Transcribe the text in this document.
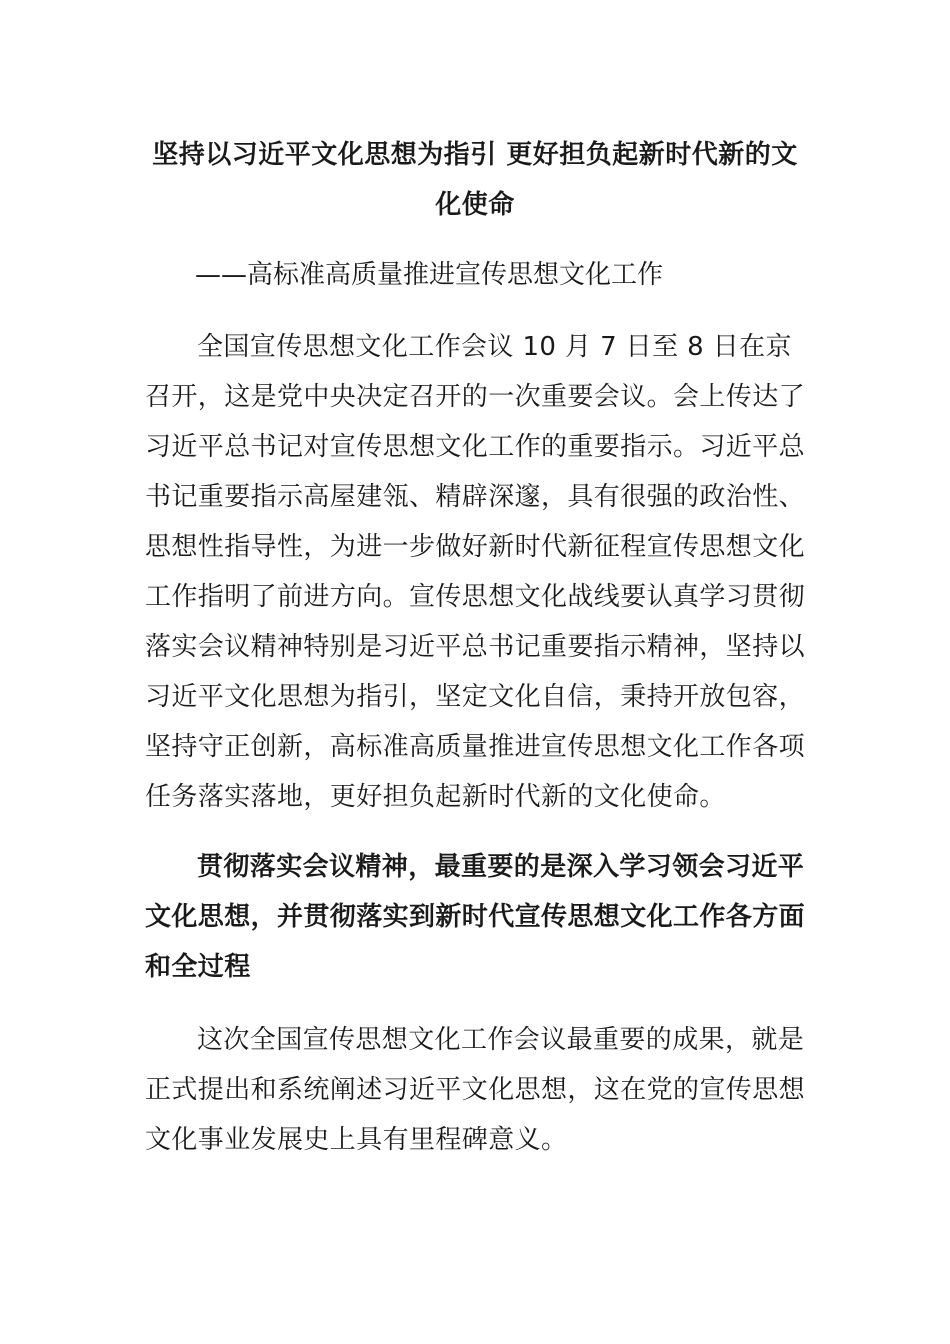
坚持以习近平文化思想为指引 更好担负起新时代新的文化使命
——高标准高质量推进宣传思想文化工作
全国宣传思想文化工作会议 10 月 7 日至 8 日在京召开，这是党中央决定召开的一次重要会议。会上传达了习近平总书记对宣传思想文化工作的重要指示。习近平总书记重要指示高屋建瓴、精辟深邃，具有很强的政治性、思想性指导性，为进一步做好新时代新征程宣传思想文化工作指明了前进方向。宣传思想文化战线要认真学习贯彻落实会议精神特别是习近平总书记重要指示精神，坚持以习近平文化思想为指引，坚定文化自信，秉持开放包容，坚持守正创新，高标准高质量推进宣传思想文化工作各项任务落实落地，更好担负起新时代新的文化使命。
贯彻落实会议精神，最重要的是深入学习领会习近平文化思想，并贯彻落实到新时代宣传思想文化工作各方面和全过程
这次全国宣传思想文化工作会议最重要的成果，就是正式提出和系统阐述习近平文化思想，这在党的宣传思想文化事业发展史上具有里程碑意义。
